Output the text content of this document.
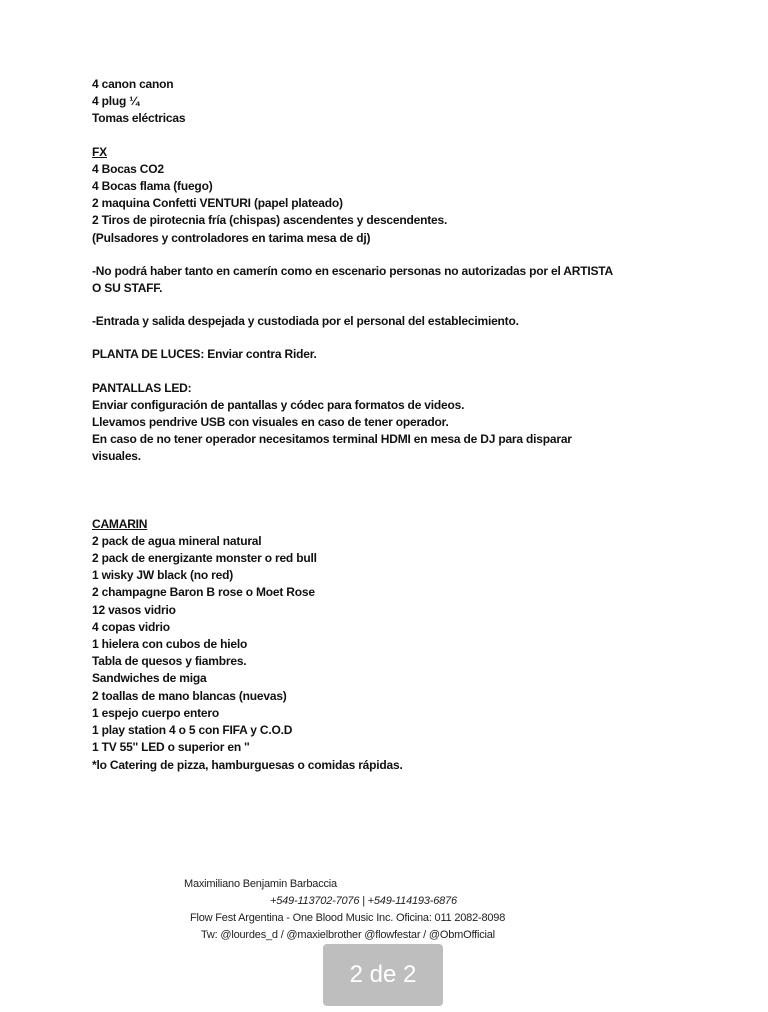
4 canon canon

4 plug ¼

Tomas eléctricas

FX

4 Bocas CO2

4 Bocas flama (fuego)

2 maquina Confetti VENTURI (papel plateado)

2 Tiros de pirotecnia fría (chispas) ascendentes y descendentes.

(Pulsadores y controladores en tarima mesa de dj)

-No podrá haber tanto en camerín como en escenario personas no autorizadas por el ARTISTA

O SU STAFF.

-Entrada y salida despejada y custodiada por el personal del establecimiento.

PLANTA DE LUCES: Enviar contra Rider.

PANTALLAS LED:

Enviar configuración de pantallas y códec para formatos de videos.

Llevamos pendrive USB con visuales en caso de tener operador.

En caso de no tener operador necesitamos terminal HDMI en mesa de DJ para disparar

visuales.

CAMARIN

2 pack de agua mineral natural

2 pack de energizante monster o red bull

1 wisky JW black (no red)

2 champagne Baron B rose o Moet Rose

12 vasos vidrio

4 copas vidrio

1 hielera con cubos de hielo

Tabla de quesos y fiambres.

Sandwiches de miga

2 toallas de mano blancas (nuevas)

1 espejo cuerpo entero

1 play station 4 o 5 con FIFA y C.O.D

1 TV 55'' LED o superior en ''

*lo Catering de pizza, hamburguesas o comidas rápidas.

Maximiliano Benjamin Barbaccia

+549-113702-7076 | +549-114193-6876

Flow Fest Argentina - One Blood Music Inc. Oficina: 011 2082-8098

Tw: @lourdes_d / @maxielbrother @flowfestar / @ObmOfficial

2 de 2
